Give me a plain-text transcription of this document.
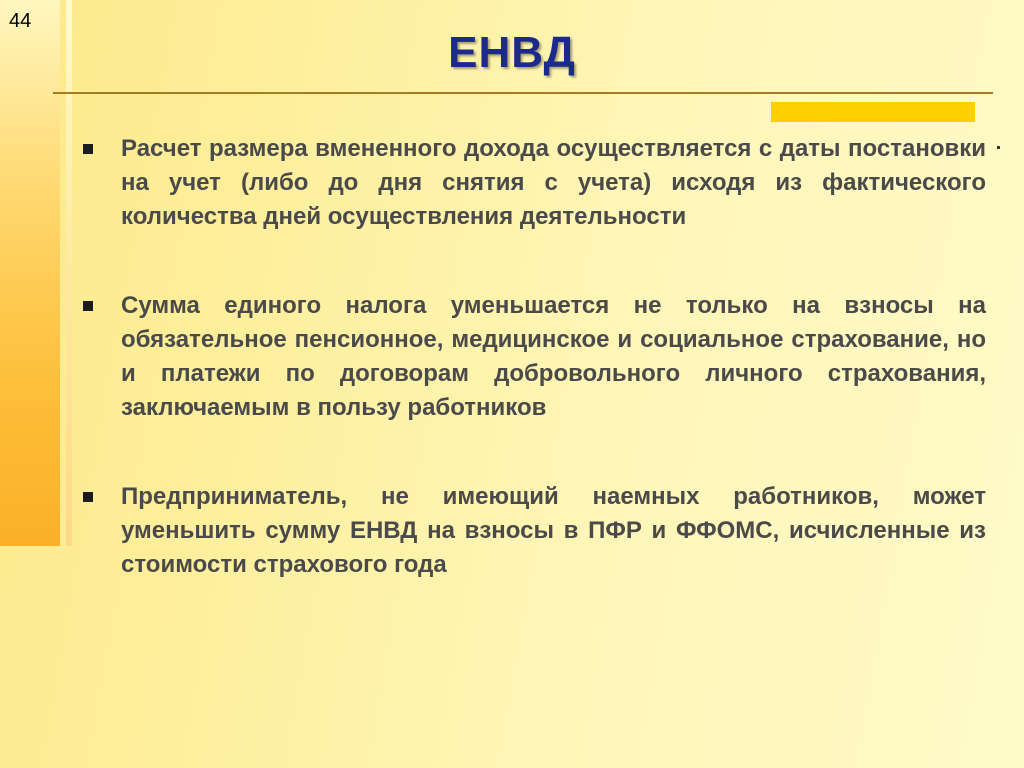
44
ЕНВД
Расчет размера вмененного дохода осуществляется с даты постановки на учет (либо до дня снятия с учета) исходя из фактического количества дней осуществления деятельности
Сумма единого налога уменьшается не только на взносы на обязательное пенсионное, медицинское и социальное страхование, но и платежи по договорам добровольного личного страхования, заключаемым в пользу работников
Предприниматель, не имеющий наемных работников, может уменьшить сумму ЕНВД на взносы в ПФР и ФФОМС, исчисленные из стоимости страхового года
